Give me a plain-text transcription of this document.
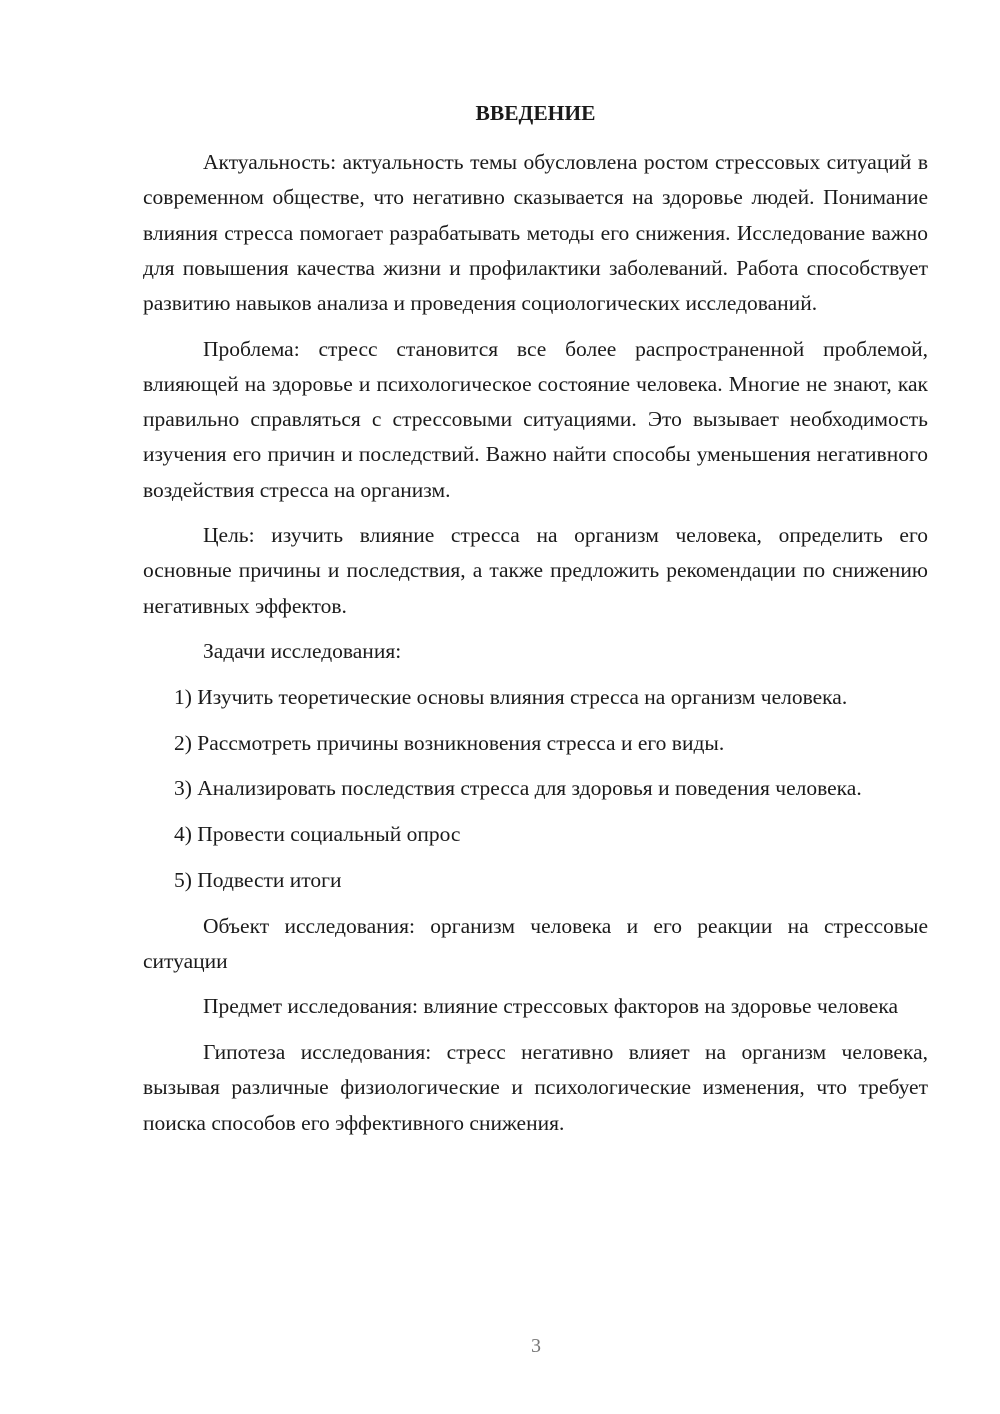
ВВЕДЕНИЕ

Актуальность: актуальность темы обусловлена ростом стрессовых ситуаций в современном обществе, что негативно сказывается на здоровье людей. Понимание влияния стресса помогает разрабатывать методы его снижения. Исследование важно для повышения качества жизни и профилактики заболеваний. Работа способствует развитию навыков анализа и проведения социологических исследований.

Проблема: стресс становится все более распространенной проблемой, влияющей на здоровье и психологическое состояние человека. Многие не знают, как правильно справляться с стрессовыми ситуациями. Это вызывает необходимость изучения его причин и последствий. Важно найти способы уменьшения негативного воздействия стресса на организм.

Цель: изучить влияние стресса на организм человека, определить его основные причины и последствия, а также предложить рекомендации по снижению негативных эффектов.

Задачи исследования:

1) Изучить теоретические основы влияния стресса на организм человека.

2) Рассмотреть причины возникновения стресса и его виды.

3) Анализировать последствия стресса для здоровья и поведения человека.

4) Провести социальный опрос

5) Подвести итоги

Объект исследования: организм человека и его реакции на стрессовые ситуации

Предмет исследования: влияние стрессовых факторов на здоровье человека

Гипотеза исследования: стресс негативно влияет на организм человека, вызывая различные физиологические и психологические изменения, что требует поиска способов его эффективного снижения.

3
